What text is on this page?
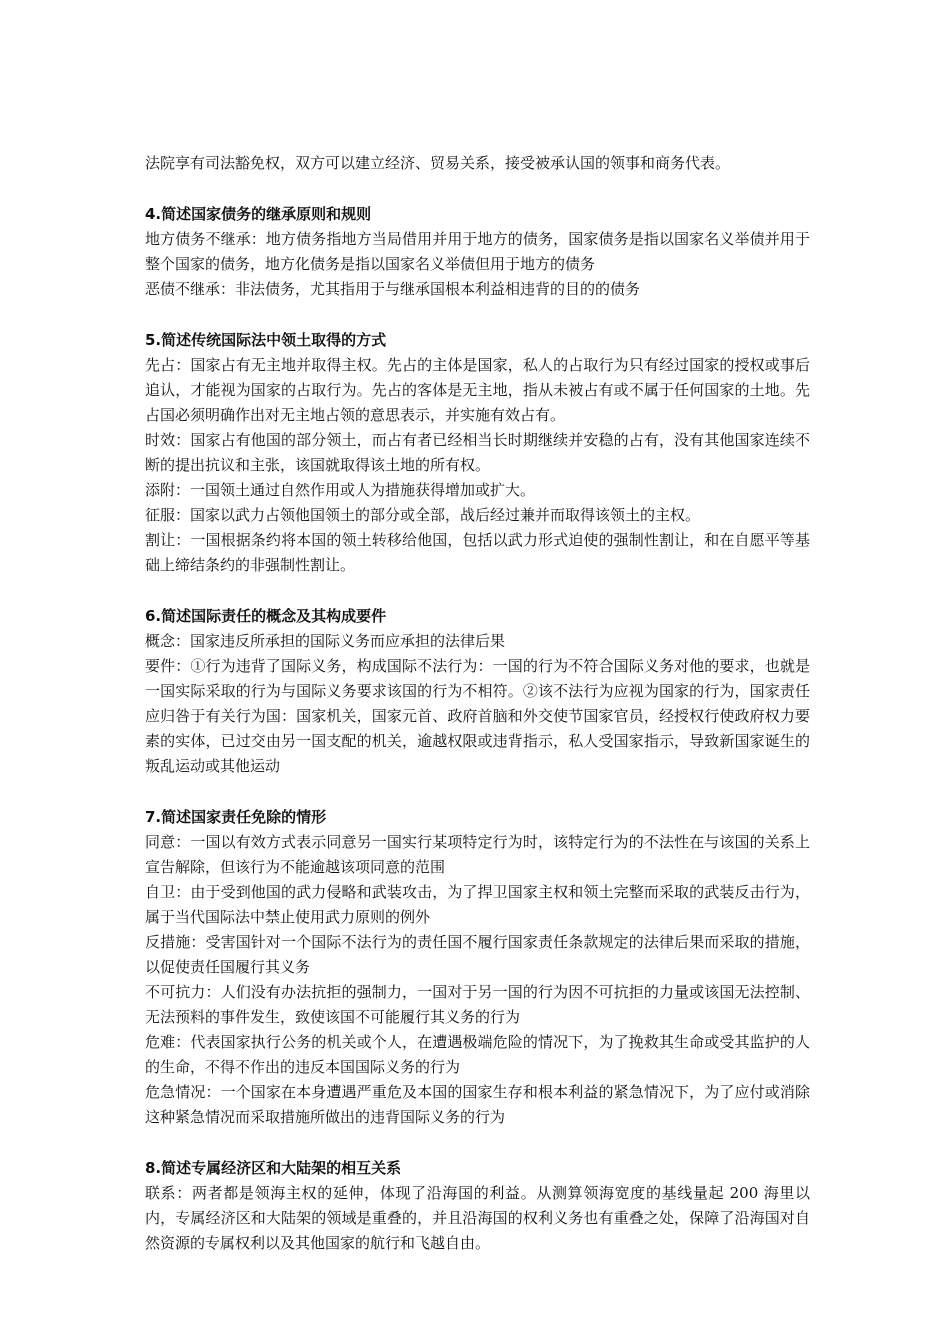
法院享有司法豁免权，双方可以建立经济、贸易关系，接受被承认国的领事和商务代表。

4.简述国家债务的继承原则和规则

地方债务不继承：地方债务指地方当局借用并用于地方的债务，国家债务是指以国家名义举债并用于整个国家的债务，地方化债务是指以国家名义举债但用于地方的债务

恶债不继承：非法债务，尤其指用于与继承国根本利益相违背的目的的债务

5.简述传统国际法中领土取得的方式

先占：国家占有无主地并取得主权。先占的主体是国家，私人的占取行为只有经过国家的授权或事后追认，才能视为国家的占取行为。先占的客体是无主地，指从未被占有或不属于任何国家的土地。先占国必须明确作出对无主地占领的意思表示，并实施有效占有。

时效：国家占有他国的部分领土，而占有者已经相当长时期继续并安稳的占有，没有其他国家连续不断的提出抗议和主张，该国就取得该土地的所有权。

添附：一国领土通过自然作用或人为措施获得增加或扩大。

征服：国家以武力占领他国领土的部分或全部，战后经过兼并而取得该领土的主权。

割让：一国根据条约将本国的领土转移给他国，包括以武力形式迫使的强制性割让，和在自愿平等基础上缔结条约的非强制性割让。

6.简述国际责任的概念及其构成要件

概念：国家违反所承担的国际义务而应承担的法律后果

要件：①行为违背了国际义务，构成国际不法行为：一国的行为不符合国际义务对他的要求，也就是一国实际采取的行为与国际义务要求该国的行为不相符。②该不法行为应视为国家的行为，国家责任应归咎于有关行为国：国家机关，国家元首、政府首脑和外交使节国家官员，经授权行使政府权力要素的实体，已过交由另一国支配的机关，逾越权限或违背指示，私人受国家指示，导致新国家诞生的叛乱运动或其他运动

7.简述国家责任免除的情形

同意：一国以有效方式表示同意另一国实行某项特定行为时，该特定行为的不法性在与该国的关系上宣告解除，但该行为不能逾越该项同意的范围

自卫：由于受到他国的武力侵略和武装攻击，为了捍卫国家主权和领土完整而采取的武装反击行为，属于当代国际法中禁止使用武力原则的例外

反措施：受害国针对一个国际不法行为的责任国不履行国家责任条款规定的法律后果而采取的措施，以促使责任国履行其义务

不可抗力：人们没有办法抗拒的强制力，一国对于另一国的行为因不可抗拒的力量或该国无法控制、无法预料的事件发生，致使该国不可能履行其义务的行为

危难：代表国家执行公务的机关或个人，在遭遇极端危险的情况下，为了挽救其生命或受其监护的人的生命，不得不作出的违反本国国际义务的行为

危急情况：一个国家在本身遭遇严重危及本国的国家生存和根本利益的紧急情况下，为了应付或消除这种紧急情况而采取措施所做出的违背国际义务的行为

8.简述专属经济区和大陆架的相互关系

联系：两者都是领海主权的延伸，体现了沿海国的利益。从测算领海宽度的基线量起 200 海里以内，专属经济区和大陆架的领域是重叠的，并且沿海国的权利义务也有重叠之处，保障了沿海国对自然资源的专属权利以及其他国家的航行和飞越自由。
